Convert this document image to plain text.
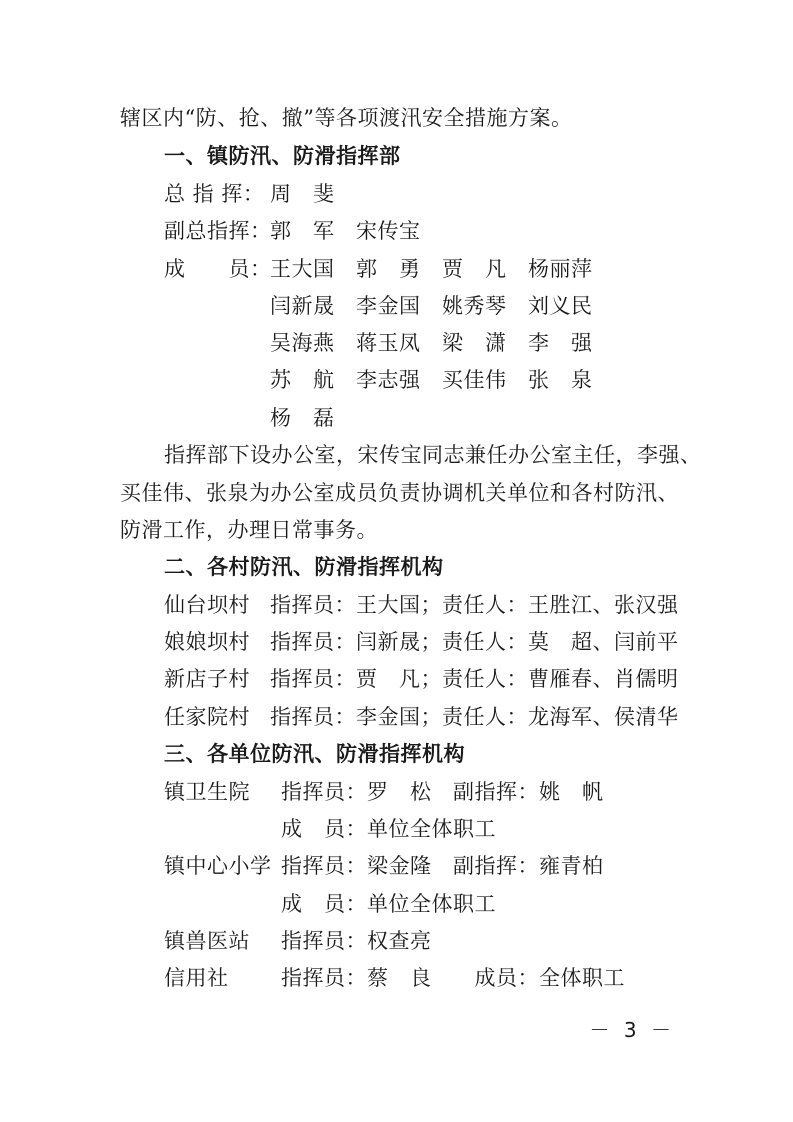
辖区内“防、抢、撤”等各项渡汛安全措施方案。
一、镇防汛、防滑指挥部
总 指 挥： 周　斐
副总指挥：
郭　军　宋传宝
成　　员：
王大国　郭　勇　贾　凡　杨丽萍
闫新晟　李金国　姚秀琴　刘义民
吴海燕　蒋玉凤　梁　潇　李　强
苏　航　李志强　买佳伟　张　泉
杨　磊
指挥部下设办公室，宋传宝同志兼任办公室主任，李强、
买佳伟、张泉为办公室成员负责协调机关单位和各村防汛、
防滑工作，办理日常事务。
二、各村防汛、防滑指挥机构
仙台坝村 指挥员：王大国；责任人：王胜江、张汉强
娘娘坝村 指挥员：闫新晟；责任人：莫　超、闫前平
新店子村 指挥员：贾　凡；责任人：曹雁春、肖儒明
任家院村 指挥员：李金国；责任人：龙海军、侯清华
三、各单位防汛、防滑指挥机构
镇卫生院 指挥员：罗　松　副指挥：姚　帆
成　员：单位全体职工
镇中心小学 指挥员：梁金隆　副指挥：雍青柏
成　员：单位全体职工
镇兽医站 指挥员：权查亮
信用社	指挥员：蔡　良　　成员：全体职工
－ 3 －
